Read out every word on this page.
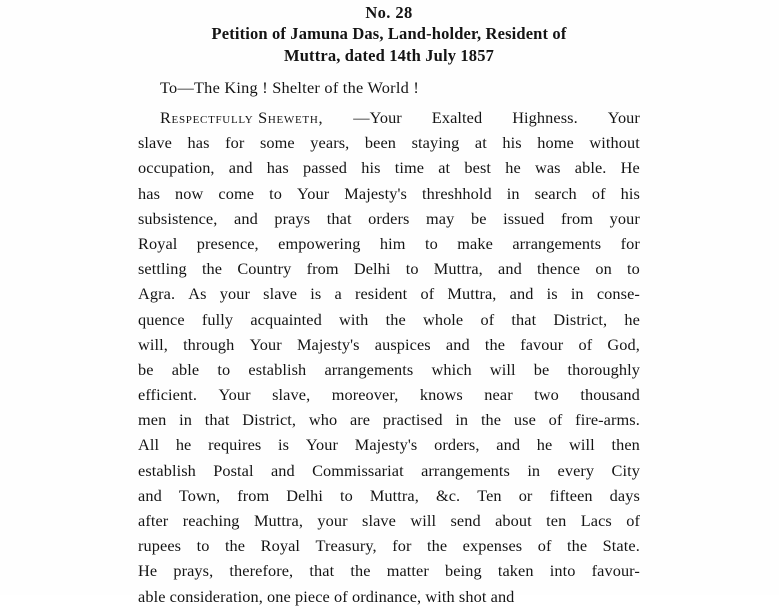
No. 28
Petition of Jamuna Das, Land-holder, Resident of
Muttra, dated 14th July 1857
To—The King ! Shelter of the World !
Respectfully Sheweth, —Your Exalted Highness. Your
slave has for some years, been staying at his home without
occupation, and has passed his time at best he was able. He
has now come to Your Majesty's threshhold in search of his
subsistence, and prays that orders may be issued from your
Royal presence, empowering him to make arrangements for
settling the Country from Delhi to Muttra, and thence on to
Agra. As your slave is a resident of Muttra, and is in conse-
quence fully acquainted with the whole of that District, he
will, through Your Majesty's auspices and the favour of God,
be able to establish arrangements which will be thoroughly
efficient. Your slave, moreover, knows near two thousand
men in that District, who are practised in the use of fire-arms.
All he requires is Your Majesty's orders, and he will then
establish Postal and Commissariat arrangements in every City
and Town, from Delhi to Muttra, &c. Ten or fifteen days
after reaching Muttra, your slave will send about ten Lacs of
rupees to the Royal Treasury, for the expenses of the State.
He prays, therefore, that the matter being taken into favour-
able consideration, one piece of ordinance, with shot and
